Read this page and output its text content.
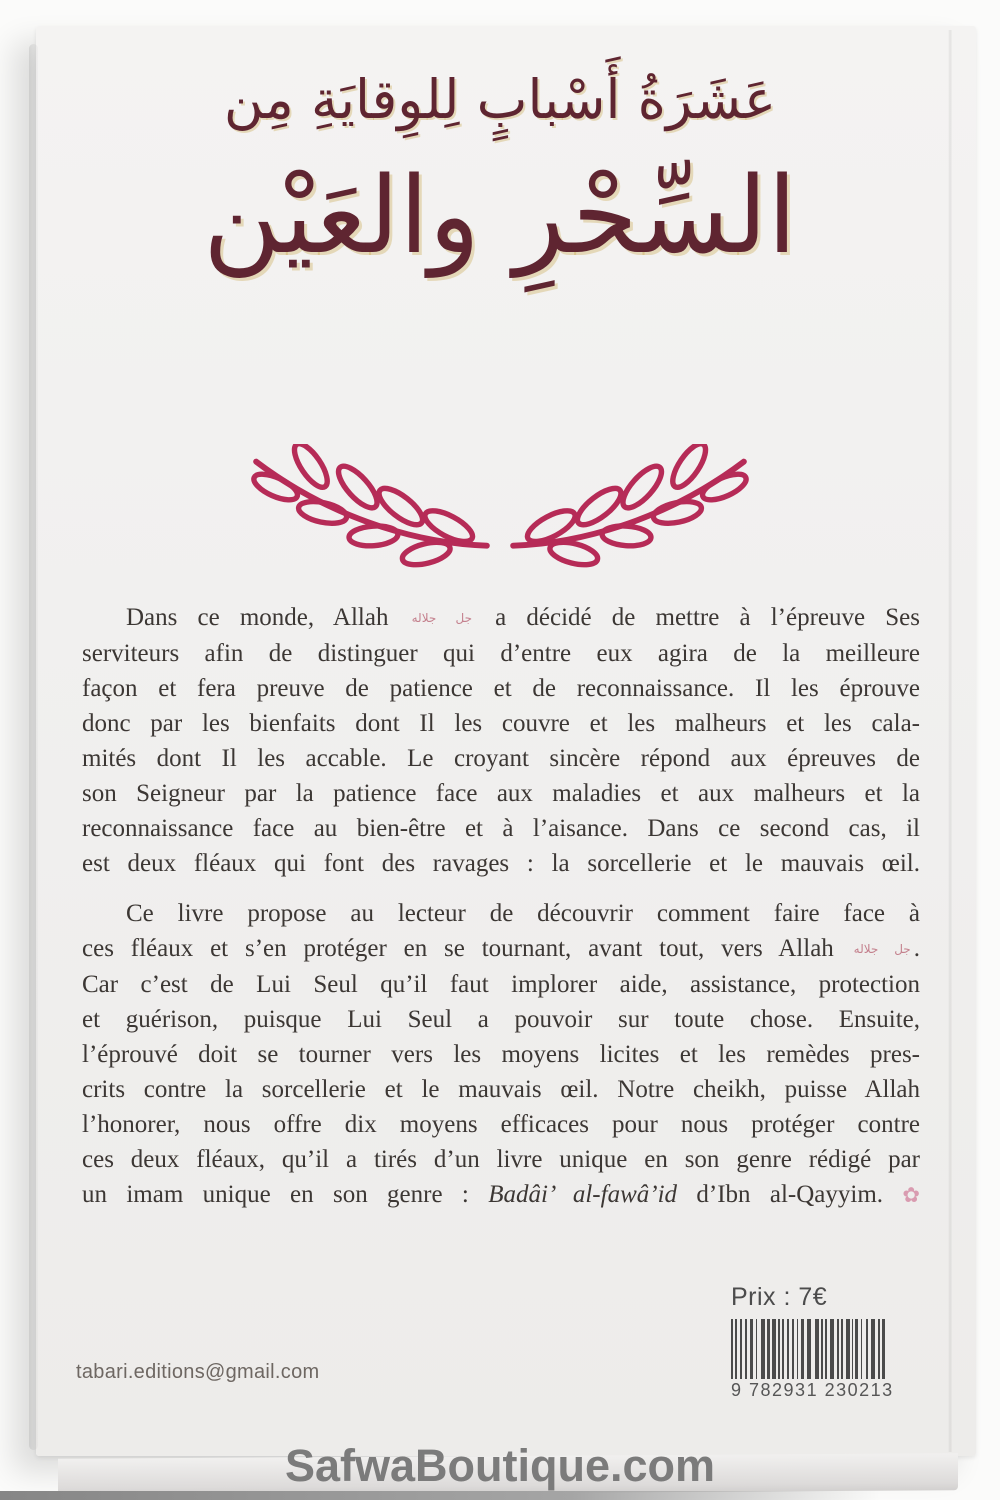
عَشَرَةُ أَسْبابٍ لِلوِقايَةِ مِن
السِّحْرِ والعَيْن
Dans ce monde, Allah جل جلاله a décidé de mettre à l’épreuve Ses
serviteurs afin de distinguer qui d’entre eux agira de la meilleure
façon et fera preuve de patience et de reconnaissance. Il les éprouve
donc par les bienfaits dont Il les couvre et les malheurs et les cala-
mités dont Il les accable. Le croyant sincère répond aux épreuves de
son Seigneur par la patience face aux maladies et aux malheurs et la
reconnaissance face au bien-être et à l’aisance. Dans ce second cas, il
est deux fléaux qui font des ravages : la sorcellerie et le mauvais œil.
Ce livre propose au lecteur de découvrir comment faire face à
ces fléaux et s’en protéger en se tournant, avant tout, vers Allah جل جلاله .
Car c’est de Lui Seul qu’il faut implorer aide, assistance, protection
et guérison, puisque Lui Seul a pouvoir sur toute chose. Ensuite,
l’éprouvé doit se tourner vers les moyens licites et les remèdes pres-
crits contre la sorcellerie et le mauvais œil. Notre cheikh, puisse Allah
l’honorer, nous offre dix moyens efficaces pour nous protéger contre
ces deux fléaux, qu’il a tirés d’un livre unique en son genre rédigé par
un imam unique en son genre : Badâi’ al-fawâ’id d’Ibn al-Qayyim. ✿
Prix : 7€
9 782931 230213
tabari.editions@gmail.com
SafwaBoutique.com
